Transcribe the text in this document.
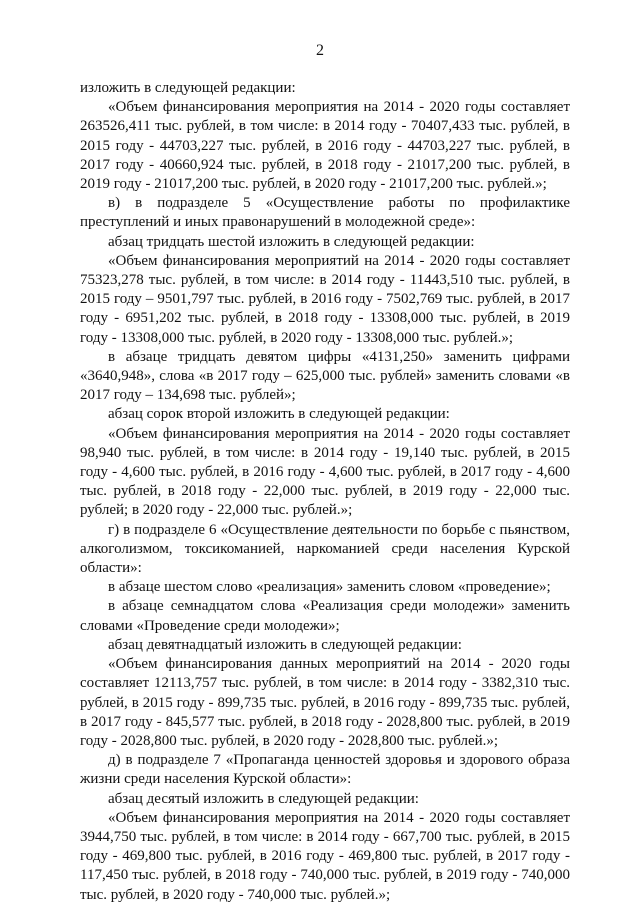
2

изложить в следующей редакции:

«Объем финансирования мероприятия на 2014 - 2020 годы составляет 263526,411 тыс. рублей, в том числе: в 2014 году - 70407,433 тыс. рублей, в 2015 году - 44703,227 тыс. рублей, в 2016 году - 44703,227 тыс. рублей, в 2017 году - 40660,924 тыс. рублей, в 2018 году - 21017,200 тыс. рублей, в 2019 году - 21017,200 тыс. рублей, в 2020 году - 21017,200 тыс. рублей.»;

в) в подразделе 5 «Осуществление работы по профилактике преступлений и иных правонарушений в молодежной среде»:

абзац тридцать шестой изложить в следующей редакции:

«Объем финансирования мероприятий на 2014 - 2020 годы составляет 75323,278 тыс. рублей, в том числе: в 2014 году - 11443,510 тыс. рублей, в 2015 году – 9501,797 тыс. рублей, в 2016 году - 7502,769 тыс. рублей, в 2017 году - 6951,202 тыс. рублей, в 2018 году - 13308,000 тыс. рублей, в 2019 году - 13308,000 тыс. рублей, в 2020 году - 13308,000 тыс. рублей.»;

в абзаце тридцать девятом цифры «4131,250» заменить цифрами «3640,948», слова «в 2017 году – 625,000 тыс. рублей» заменить словами «в 2017 году – 134,698 тыс. рублей»;

абзац сорок второй изложить в следующей редакции:

«Объем финансирования мероприятия на 2014 - 2020 годы составляет 98,940 тыс. рублей, в том числе: в 2014 году - 19,140 тыс. рублей, в 2015 году - 4,600 тыс. рублей, в 2016 году - 4,600 тыс. рублей, в 2017 году - 4,600 тыс. рублей, в 2018 году - 22,000 тыс. рублей, в 2019 году - 22,000 тыс. рублей; в 2020 году - 22,000 тыс. рублей.»;

г) в подразделе 6 «Осуществление деятельности по борьбе с пьянством, алкоголизмом, токсикоманией, наркоманией среди населения Курской области»:

в абзаце шестом слово «реализация» заменить словом «проведение»;

в абзаце семнадцатом слова «Реализация среди молодежи» заменить словами «Проведение среди молодежи»;

абзац девятнадцатый изложить в следующей редакции:

«Объем финансирования данных мероприятий на 2014 - 2020 годы составляет 12113,757 тыс. рублей, в том числе: в 2014 году - 3382,310 тыс. рублей, в 2015 году - 899,735 тыс. рублей, в 2016 году - 899,735 тыс. рублей, в 2017 году - 845,577 тыс. рублей, в 2018 году - 2028,800 тыс. рублей, в 2019 году - 2028,800 тыс. рублей, в 2020 году - 2028,800 тыс. рублей.»;

д) в подразделе 7 «Пропаганда ценностей здоровья и здорового образа жизни среди населения Курской области»:

абзац десятый изложить в следующей редакции:

«Объем финансирования мероприятия на 2014 - 2020 годы составляет 3944,750 тыс. рублей, в том числе: в 2014 году - 667,700 тыс. рублей, в 2015 году - 469,800 тыс. рублей, в 2016 году - 469,800 тыс. рублей, в 2017 году - 117,450 тыс. рублей, в 2018 году - 740,000 тыс. рублей, в 2019 году - 740,000 тыс. рублей, в 2020 году - 740,000 тыс. рублей.»;
